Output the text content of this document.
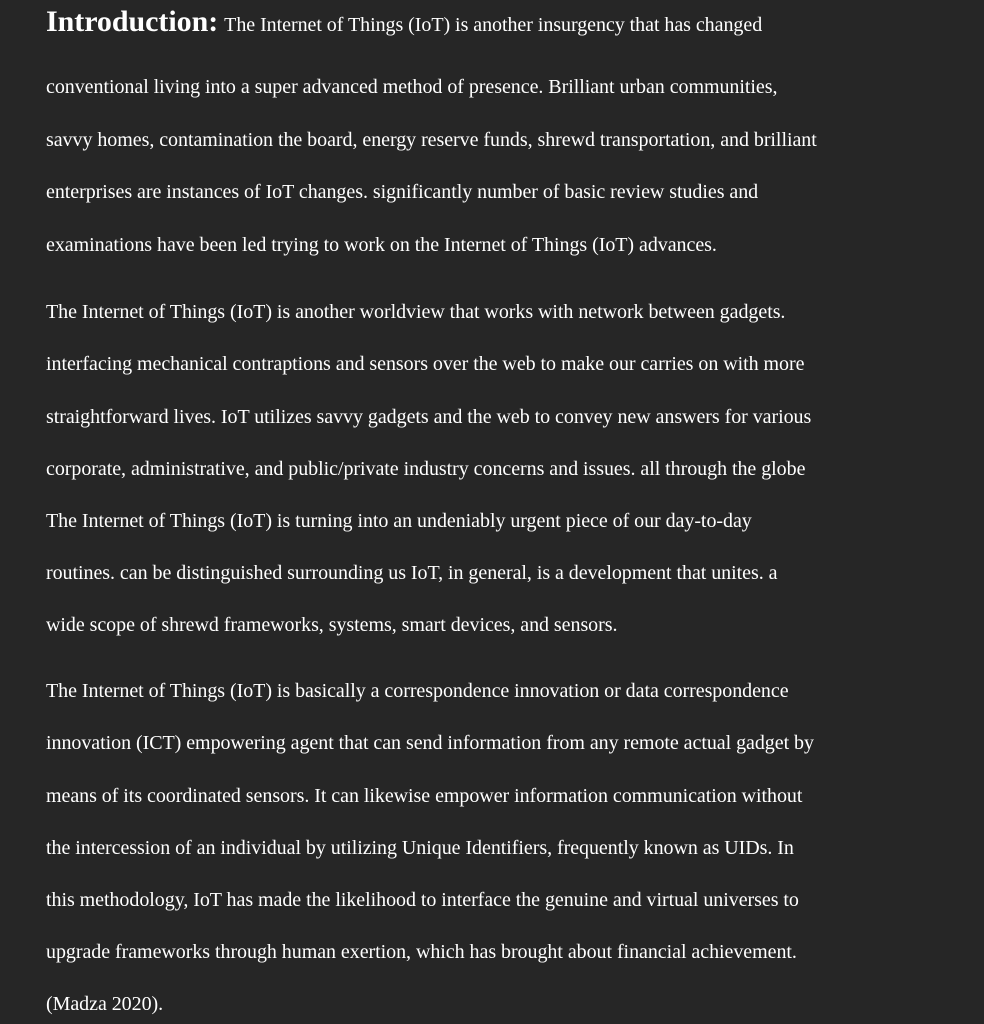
Introduction: The Internet of Things (IoT) is another insurgency that has changed
conventional living into a super advanced method of presence. Brilliant urban communities,
savvy homes, contamination the board, energy reserve funds, shrewd transportation, and brilliant
enterprises are instances of IoT changes. significantly number of basic review studies and
examinations have been led trying to work on the Internet of Things (IoT) advances.
The Internet of Things (IoT) is another worldview that works with network between gadgets.
interfacing mechanical contraptions and sensors over the web to make our carries on with more
straightforward lives. IoT utilizes savvy gadgets and the web to convey new answers for various
corporate, administrative, and public/private industry concerns and issues. all through the globe
The Internet of Things (IoT) is turning into an undeniably urgent piece of our day-to-day
routines. can be distinguished surrounding us IoT, in general, is a development that unites. a
wide scope of shrewd frameworks, systems, smart devices, and sensors.
The Internet of Things (IoT) is basically a correspondence innovation or data correspondence
innovation (ICT) empowering agent that can send information from any remote actual gadget by
means of its coordinated sensors. It can likewise empower information communication without
the intercession of an individual by utilizing Unique Identifiers, frequently known as UIDs. In
this methodology, IoT has made the likelihood to interface the genuine and virtual universes to
upgrade frameworks through human exertion, which has brought about financial achievement.
(Madza 2020).
